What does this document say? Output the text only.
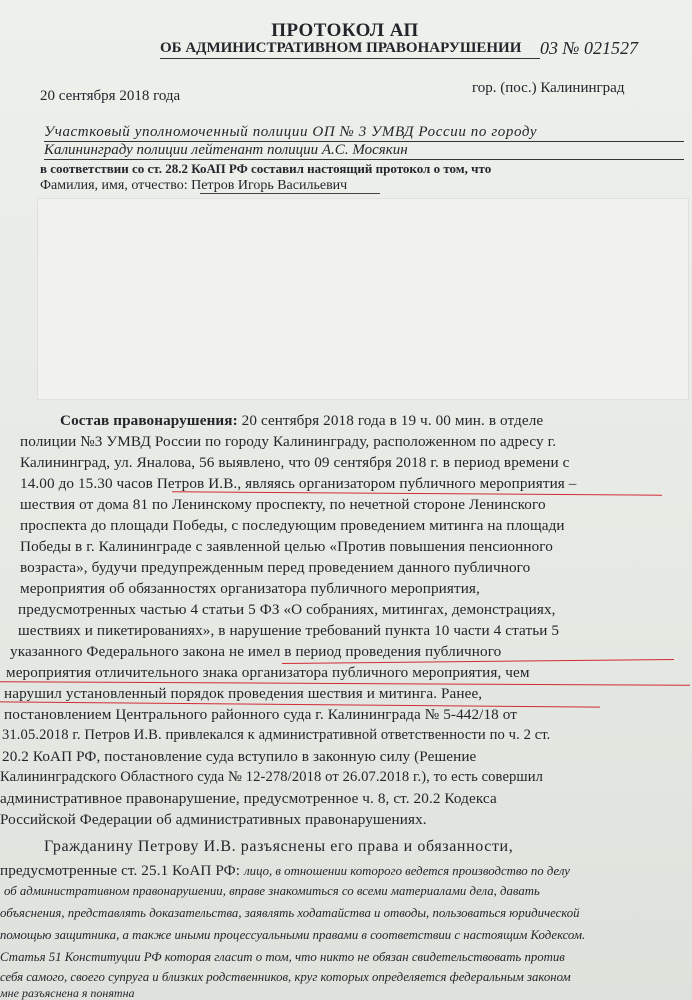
ПРОТОКОЛ АП
ОБ АДМИНИСТРАТИВНОМ ПРАВОНАРУШЕНИИ 03 № 021527
20 сентября 2018 года	гор. (пос.) Калининград
Участковый уполномоченный полиции ОП № 3 УМВД России по городу
Калининграду полиции лейтенант полиции А.С. Мосякин
в соответствии со ст. 28.2 КоАП РФ составил настоящий протокол о том, что
Фамилия, имя, отчество: Петров Игорь Васильевич
Состав правонарушения: 20 сентября 2018 года в 19 ч. 00 мин. в отделе
полиции №3 УМВД России по городу Калининграду, расположенном по адресу г.
Калининград, ул. Яналова, 56 выявлено, что 09 сентября 2018 г. в период времени с
14.00 до 15.30 часов Петров И.В., являясь организатором публичного мероприятия –
шествия от дома 81 по Ленинскому проспекту, по нечетной стороне Ленинского
проспекта до площади Победы, с последующим проведением митинга на площади
Победы в г. Калининграде с заявленной целью «Против повышения пенсионного
возраста», будучи предупрежденным перед проведением данного публичного
мероприятия об обязанностях организатора публичного мероприятия,
предусмотренных частью 4 статьи 5 ФЗ «О собраниях, митингах, демонстрациях,
шествиях и пикетированиях», в нарушение требований пункта 10 части 4 статьи 5
указанного Федерального закона не имел в период проведения публичного
мероприятия отличительного знака организатора публичного мероприятия, чем
нарушил установленный порядок проведения шествия и митинга. Ранее,
постановлением Центрального районного суда г. Калининграда № 5-442/18 от
31.05.2018 г. Петров И.В. привлекался к административной ответственности по ч. 2 ст.
20.2 КоАП РФ, постановление суда вступило в законную силу (Решение
Калининградского Областного суда № 12-278/2018 от 26.07.2018 г.), то есть совершил
административное правонарушение, предусмотренное ч. 8, ст. 20.2 Кодекса
Российской Федерации об административных правонарушениях.
Гражданину Петрову И.В. разъяснены его права и обязанности,
предусмотренные ст. 25.1 КоАП РФ: лицо, в отношении которого ведется производство по делу
об административном правонарушении, вправе знакомиться со всеми материалами дела, давать
объяснения, представлять доказательства, заявлять ходатайства и отводы, пользоваться юридической
помощью защитника, а также иными процессуальными правами в соответствии с настоящим Кодексом.
Статья 51 Конституции РФ которая гласит о том, что никто не обязан свидетельствовать против
себя самого, своего супруга и близких родственников, круг которых определяется федеральным законом
мне разъяснена я понятна
